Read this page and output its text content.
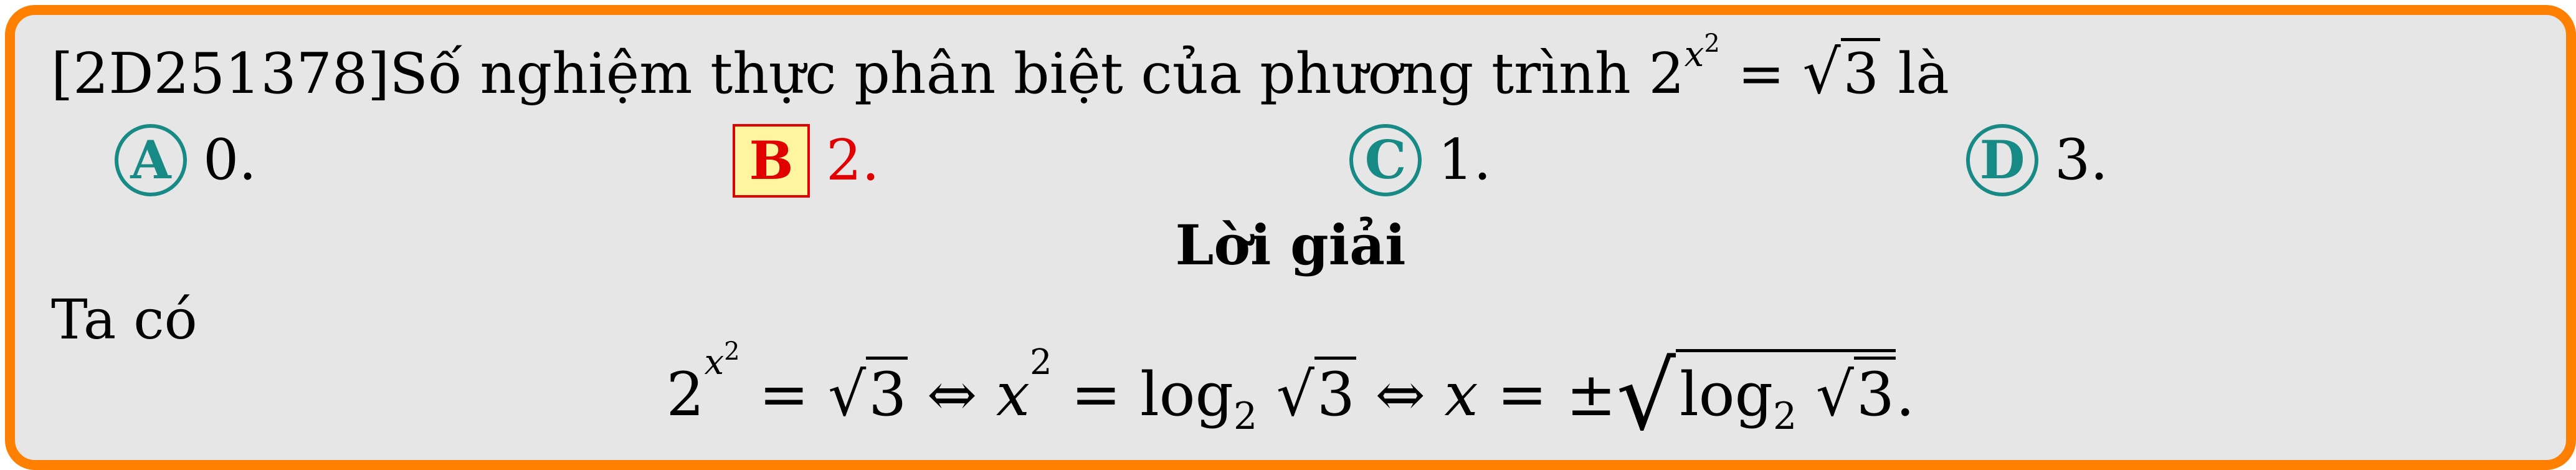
[2D251378]Số nghiệm thực phân biệt của phương trình $2^{x^2} = √3$ là
A 0.	B 2.	C 1.	D 3.
Lời giải
Ta có
$2^{x^2} = √3$ ⇔ $x^2 = \log_2 √3$ ⇔ $x = \pm√\log_2$ √3.
